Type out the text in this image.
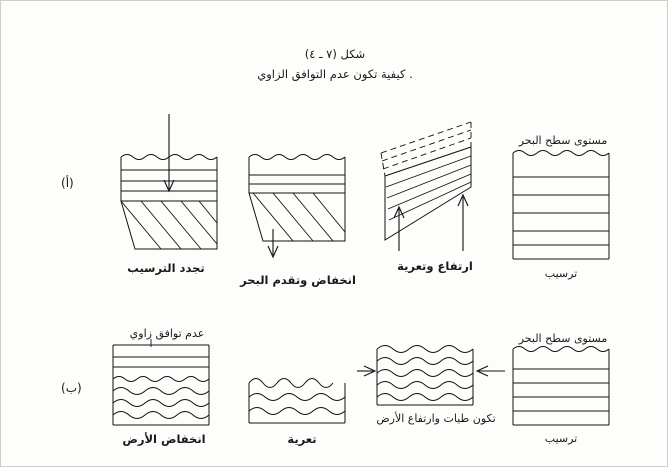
شكل (٧ ـ ٤)
كيفية تكون عدم التوافق الزاوي .
(أ)
(ب)
تجدد الترسيب
انخفاض وتقدم البحر
ارتفاع وتعرية
ترسيب
مستوى سطح البحر
انخفاض الأرض	تعرية
تكون طيات وارتفاع الأرض
ترسيب
عدم توافق زاوي	مستوى سطح البحر
